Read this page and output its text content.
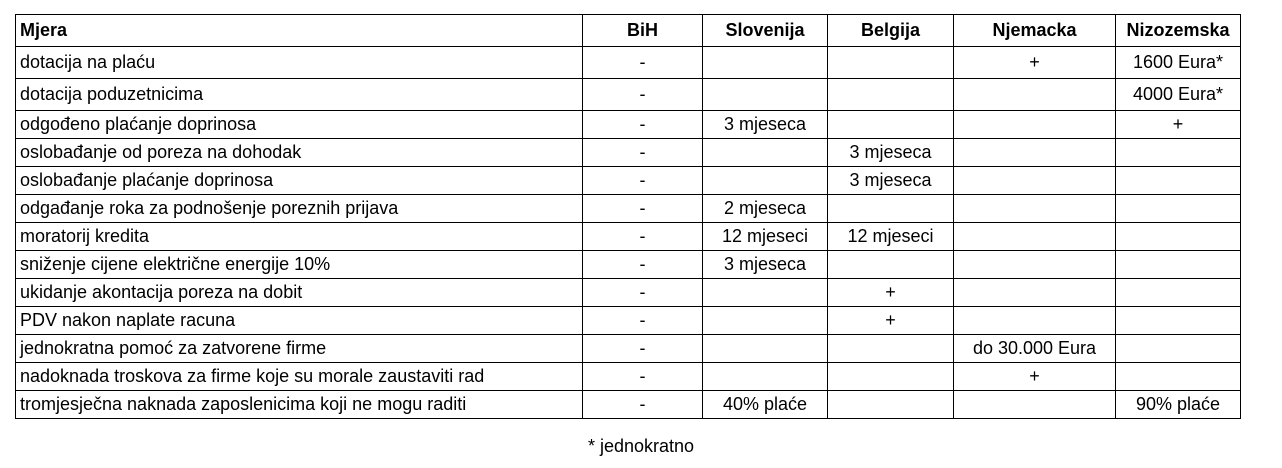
Mjera	BiH	Slovenija	Belgija	Njemacka	Nizozemska
dotacija na plaću	-			+	1600 Eura*
dotacija poduzetnicima	-				4000 Eura*
odgođeno plaćanje doprinosa	-	3 mjeseca			+
oslobađanje od poreza na dohodak	-		3 mjeseca		
oslobađanje plaćanje doprinosa	-		3 mjeseca		
odgađanje roka za podnošenje poreznih prijava	-	2 mjeseca			
moratorij kredita	-	12 mjeseci	12 mjeseci		
sniženje cijene električne energije 10%	-	3 mjeseca			
ukidanje akontacija poreza na dobit	-		+		
PDV nakon naplate racuna	-		+		
jednokratna pomoć za zatvorene firme	-			do 30.000 Eura	
nadoknada troskova za firme koje su morale zaustaviti rad	-			+	
tromjesječna naknada zaposlenicima koji ne mogu raditi	-	40% plaće			90% plaće
* jednokratno
